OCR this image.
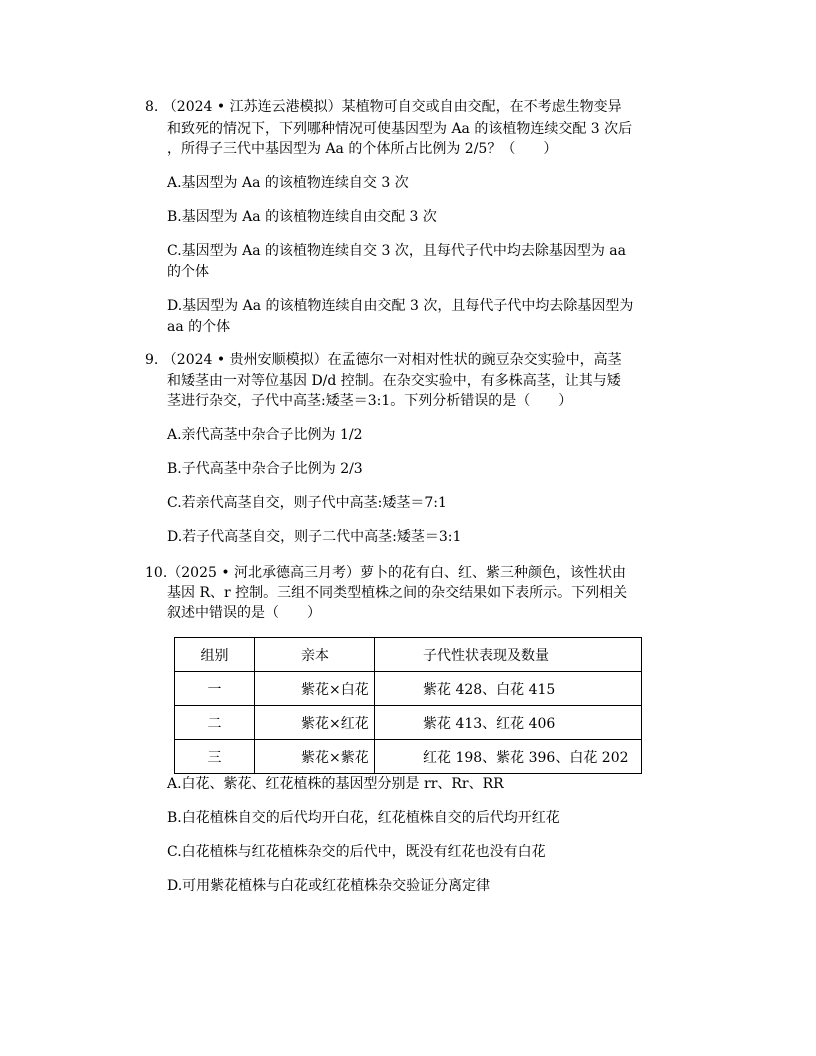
8. （2024 • 江苏连云港模拟）某植物可自交或自由交配，在不考虑生物变异
和致死的情况下，下列哪种情况可使基因型为 Aa 的该植物连续交配 3 次后
，所得子三代中基因型为 Aa 的个体所占比例为 2/5？（　　）
A.基因型为 Aa 的该植物连续自交 3 次
B.基因型为 Aa 的该植物连续自由交配 3 次
C.基因型为 Aa 的该植物连续自交 3 次，且每代子代中均去除基因型为 aa
的个体
D.基因型为 Aa 的该植物连续自由交配 3 次，且每代子代中均去除基因型为
aa 的个体
9. （2024 • 贵州安顺模拟）在孟德尔一对相对性状的豌豆杂交实验中，高茎
和矮茎由一对等位基因 D/d 控制。在杂交实验中，有多株高茎，让其与矮
茎进行杂交，子代中高茎:矮茎＝3:1。下列分析错误的是（　　）
A.亲代高茎中杂合子比例为 1/2
B.子代高茎中杂合子比例为 2/3
C.若亲代高茎自交，则子代中高茎:矮茎＝7:1
D.若子代高茎自交，则子二代中高茎:矮茎＝3:1
10.（2025 • 河北承德高三月考）萝卜的花有白、红、紫三种颜色，该性状由
基因 R、r 控制。三组不同类型植株之间的杂交结果如下表所示。下列相关
叙述中错误的是（　　）
组别	亲本	子代性状表现及数量
一	紫花×白花	紫花 428、白花 415
二	紫花×红花	紫花 413、红花 406
三	紫花×紫花	红花 198、紫花 396、白花 202
A.白花、紫花、红花植株的基因型分别是 rr、Rr、RR
B.白花植株自交的后代均开白花，红花植株自交的后代均开红花
C.白花植株与红花植株杂交的后代中，既没有红花也没有白花
D.可用紫花植株与白花或红花植株杂交验证分离定律
